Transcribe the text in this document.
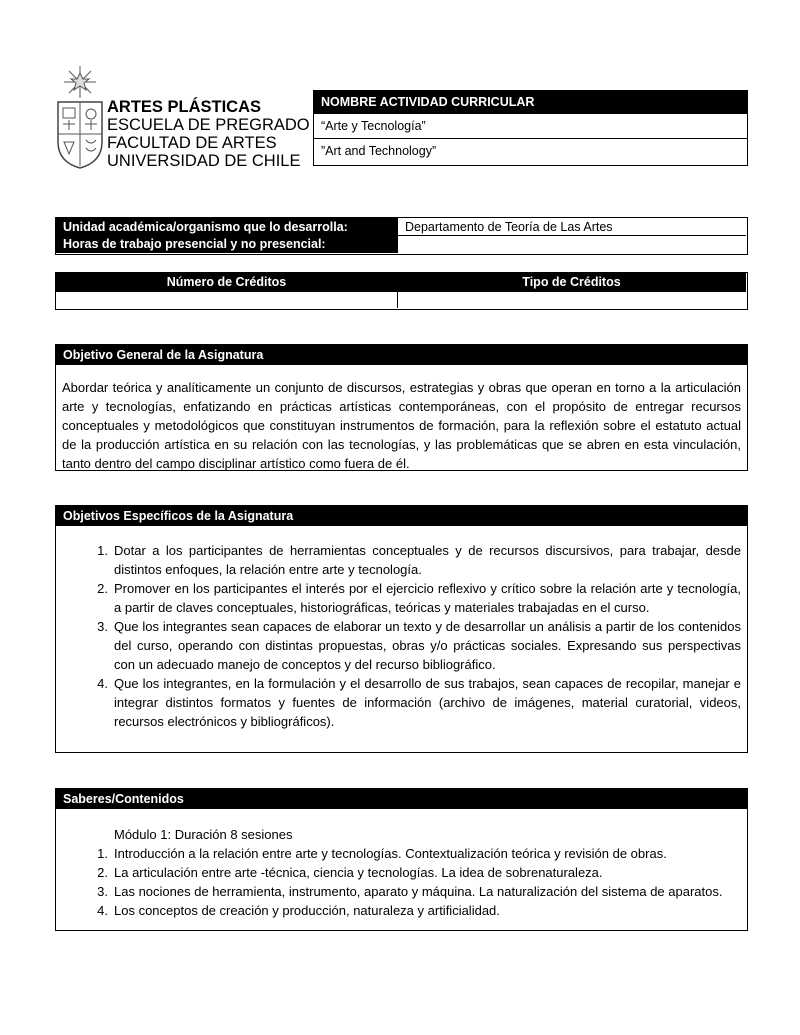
ARTES PLÁSTICAS
ESCUELA DE PREGRADO
FACULTAD DE ARTES
UNIVERSIDAD DE CHILE
NOMBRE ACTIVIDAD CURRICULAR
“Arte y Tecnología”
”Art and Technology”
Unidad académica/organismo que lo desarrolla:	Departamento de Teoría de Las Artes
Horas de trabajo presencial y no presencial:
Número de Créditos	Tipo de Créditos
Objetivo General de la Asignatura
Abordar teórica y analíticamente un conjunto de discursos, estrategias y obras que operan en torno a la articulación arte y tecnologías, enfatizando en prácticas artísticas contemporáneas, con el propósito de entregar recursos conceptuales y metodológicos que constituyan instrumentos de formación, para la reflexión sobre el estatuto actual de la producción artística en su relación con las tecnologías, y las problemáticas que se abren en esta vinculación, tanto dentro del campo disciplinar artístico como fuera de él.
Objetivos Específicos de la Asignatura
1. Dotar a los participantes de herramientas conceptuales y de recursos discursivos, para trabajar, desde distintos enfoques, la relación entre arte y tecnología.
2. Promover en los participantes el interés por el ejercicio reflexivo y crítico sobre la relación arte y tecnología, a partir de claves conceptuales, historiográficas, teóricas y materiales trabajadas en el curso.
3. Que los integrantes sean capaces de elaborar un texto y de desarrollar un análisis a partir de los contenidos del curso, operando con distintas propuestas, obras y/o prácticas sociales. Expresando sus perspectivas con un adecuado manejo de conceptos y del recurso bibliográfico.
4. Que los integrantes, en la formulación y el desarrollo de sus trabajos, sean capaces de recopilar, manejar e integrar distintos formatos y fuentes de información (archivo de imágenes, material curatorial, videos, recursos electrónicos y bibliográficos).
Saberes/Contenidos
Módulo 1: Duración 8 sesiones
1. Introducción a la relación entre arte y tecnologías. Contextualización teórica y revisión de obras.
2. La articulación entre arte -técnica, ciencia y tecnologías. La idea de sobrenaturaleza.
3. Las nociones de herramienta, instrumento, aparato y máquina. La naturalización del sistema de aparatos.
4. Los conceptos de creación y producción, naturaleza y artificialidad.
